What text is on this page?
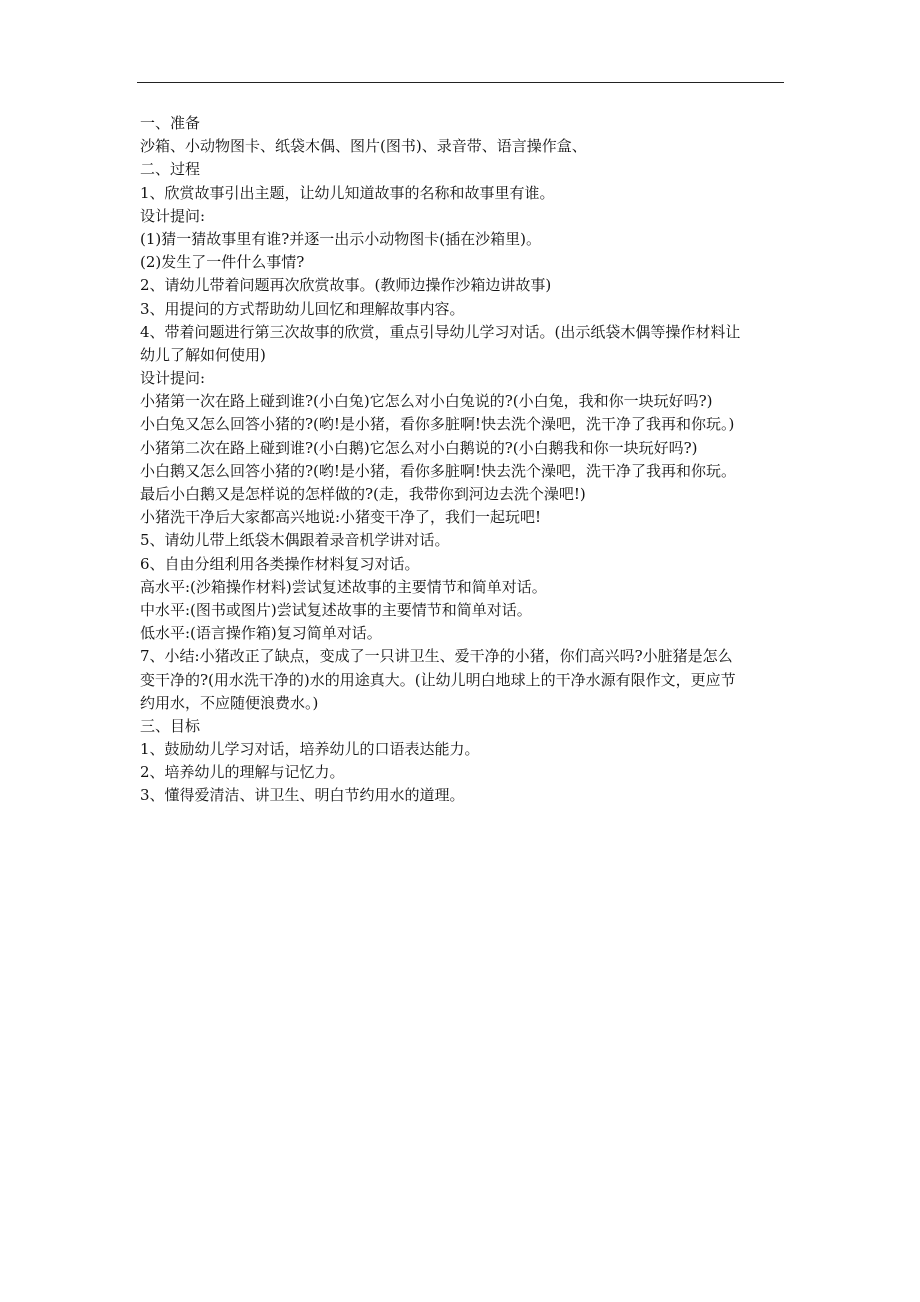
一、准备
沙箱、小动物图卡、纸袋木偶、图片(图书)、录音带、语言操作盒、
二、过程
1、欣赏故事引出主题，让幼儿知道故事的名称和故事里有谁。
设计提问:
(1)猜一猜故事里有谁?并逐一出示小动物图卡(插在沙箱里)。
(2)发生了一件什么事情?
2、请幼儿带着问题再次欣赏故事。(教师边操作沙箱边讲故事)
3、用提问的方式帮助幼儿回忆和理解故事内容。
4、带着问题进行第三次故事的欣赏，重点引导幼儿学习对话。(出示纸袋木偶等操作材料让
幼儿了解如何使用)
设计提问:
小猪第一次在路上碰到谁?(小白兔)它怎么对小白兔说的?(小白兔，我和你一块玩好吗?)
小白兔又怎么回答小猪的?(哟!是小猪，看你多脏啊!快去洗个澡吧，洗干净了我再和你玩。)
小猪第二次在路上碰到谁?(小白鹅)它怎么对小白鹅说的?(小白鹅我和你一块玩好吗?)
小白鹅又怎么回答小猪的?(哟!是小猪，看你多脏啊!快去洗个澡吧，洗干净了我再和你玩。
最后小白鹅又是怎样说的怎样做的?(走，我带你到河边去洗个澡吧!)
小猪洗干净后大家都高兴地说:小猪变干净了，我们一起玩吧!
5、请幼儿带上纸袋木偶跟着录音机学讲对话。
6、自由分组利用各类操作材料复习对话。
高水平:(沙箱操作材料)尝试复述故事的主要情节和简单对话。
中水平:(图书或图片)尝试复述故事的主要情节和简单对话。
低水平:(语言操作箱)复习简单对话。
7、小结:小猪改正了缺点，变成了一只讲卫生、爱干净的小猪，你们高兴吗?小脏猪是怎么
变干净的?(用水洗干净的)水的用途真大。(让幼儿明白地球上的干净水源有限作文，更应节
约用水，不应随便浪费水。)
三、目标
1、鼓励幼儿学习对话，培养幼儿的口语表达能力。
2、培养幼儿的理解与记忆力。
3、懂得爱清洁、讲卫生、明白节约用水的道理。
